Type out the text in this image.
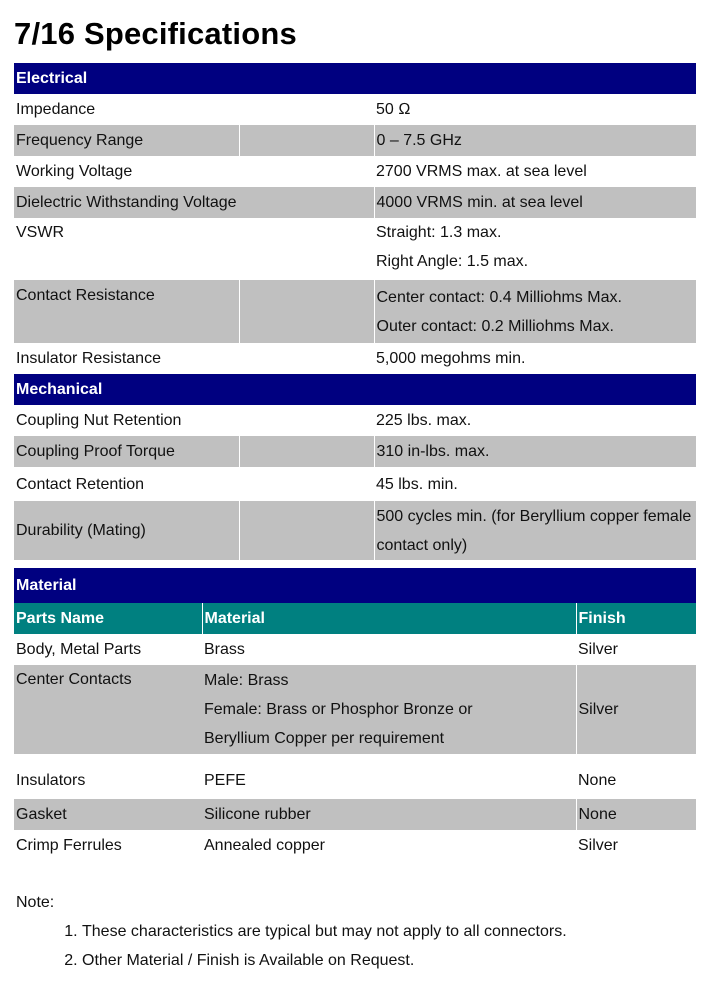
7/16 Specifications
Electrical		
Impedance		50 Ω
Frequency Range		0 – 7.5 GHz
Working Voltage		2700 VRMS max. at sea level
Dielectric Withstanding Voltage		4000 VRMS min. at sea level
VSWR		Straight: 1.3 max.
Right Angle: 1.5 max.

Contact Resistance		Center contact: 0.4 Milliohms Max.
Outer contact: 0.2 Milliohms Max.

Insulator Resistance		5,000 megohms min.
Mechanical		
Coupling Nut Retention		225 lbs. max.
Coupling Proof Torque		310 in-lbs. max.
Contact Retention		45 lbs. min.
Durability (Mating)		500 cycles min. (for Beryllium copper female
contact only)
Material		
Parts Name	Material	Finish
Body, Metal Parts	Brass	Silver
Center Contacts	Male: Brass
Female: Brass or Phosphor Bronze or
Beryllium Copper per requirement	Silver
Insulators	PEFE	None
Gasket	Silicone rubber	None
Crimp Ferrules	Annealed copper	Silver
Note:
1. These characteristics are typical but may not apply to all connectors.
2. Other Material / Finish is Available on Request.
